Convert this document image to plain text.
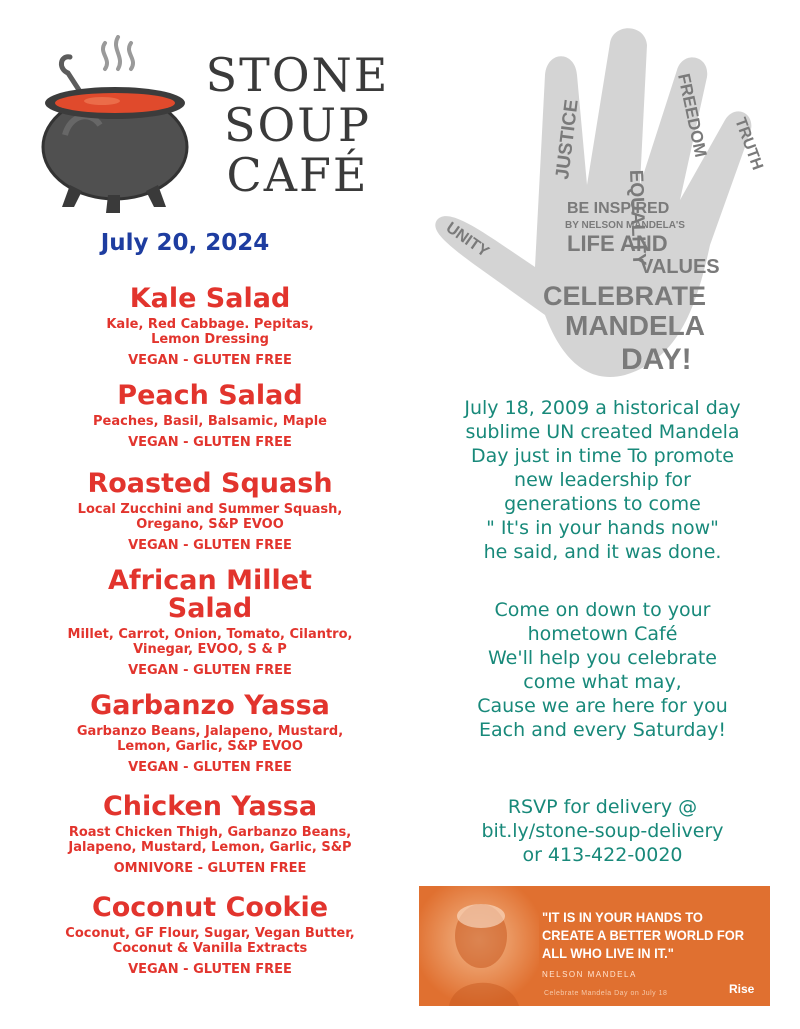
STONE
SOUP
CAFÉ
July 20, 2024
Kale Salad
Kale, Red Cabbage. Pepitas,
Lemon Dressing
VEGAN - GLUTEN FREE
Peach Salad
Peaches, Basil, Balsamic, Maple
VEGAN - GLUTEN FREE
Roasted Squash
Local Zucchini and Summer Squash,
Oregano, S&P EVOO
VEGAN - GLUTEN FREE
African Millet Salad
Millet, Carrot, Onion, Tomato, Cilantro,
Vinegar, EVOO, S & P
VEGAN - GLUTEN FREE
Garbanzo Yassa
Garbanzo Beans, Jalapeno, Mustard,
Lemon, Garlic, S&P EVOO
VEGAN - GLUTEN FREE
Chicken Yassa
Roast Chicken Thigh, Garbanzo Beans,
Jalapeno, Mustard, Lemon, Garlic, S&P
OMNIVORE - GLUTEN FREE
Coconut Cookie
Coconut, GF Flour, Sugar, Vegan Butter,
Coconut & Vanilla Extracts
VEGAN - GLUTEN FREE
JUSTICE
EQUALITY
FREEDOM TRUTH
UNITY
BE INSPIRED
BY NELSON MANDELA'S
LIFE AND
VALUES
CELEBRATE
MANDELA
DAY!
July 18, 2009 a historical day
sublime UN created Mandela
Day just in time To promote
new leadership for
generations to come
" It's in your hands now"
he said, and it was done.
Come on down to your
hometown Café
We'll help you celebrate
come what may,
Cause we are here for you
Each and every Saturday!
RSVP for delivery @
bit.ly/stone-soup-delivery
or 413-422-0020
"IT IS IN YOUR HANDS TO
CREATE A BETTER WORLD FOR
ALL WHO LIVE IN IT."
NELSON MANDELA
Celebrate Mandela Day on July 18	Rise
